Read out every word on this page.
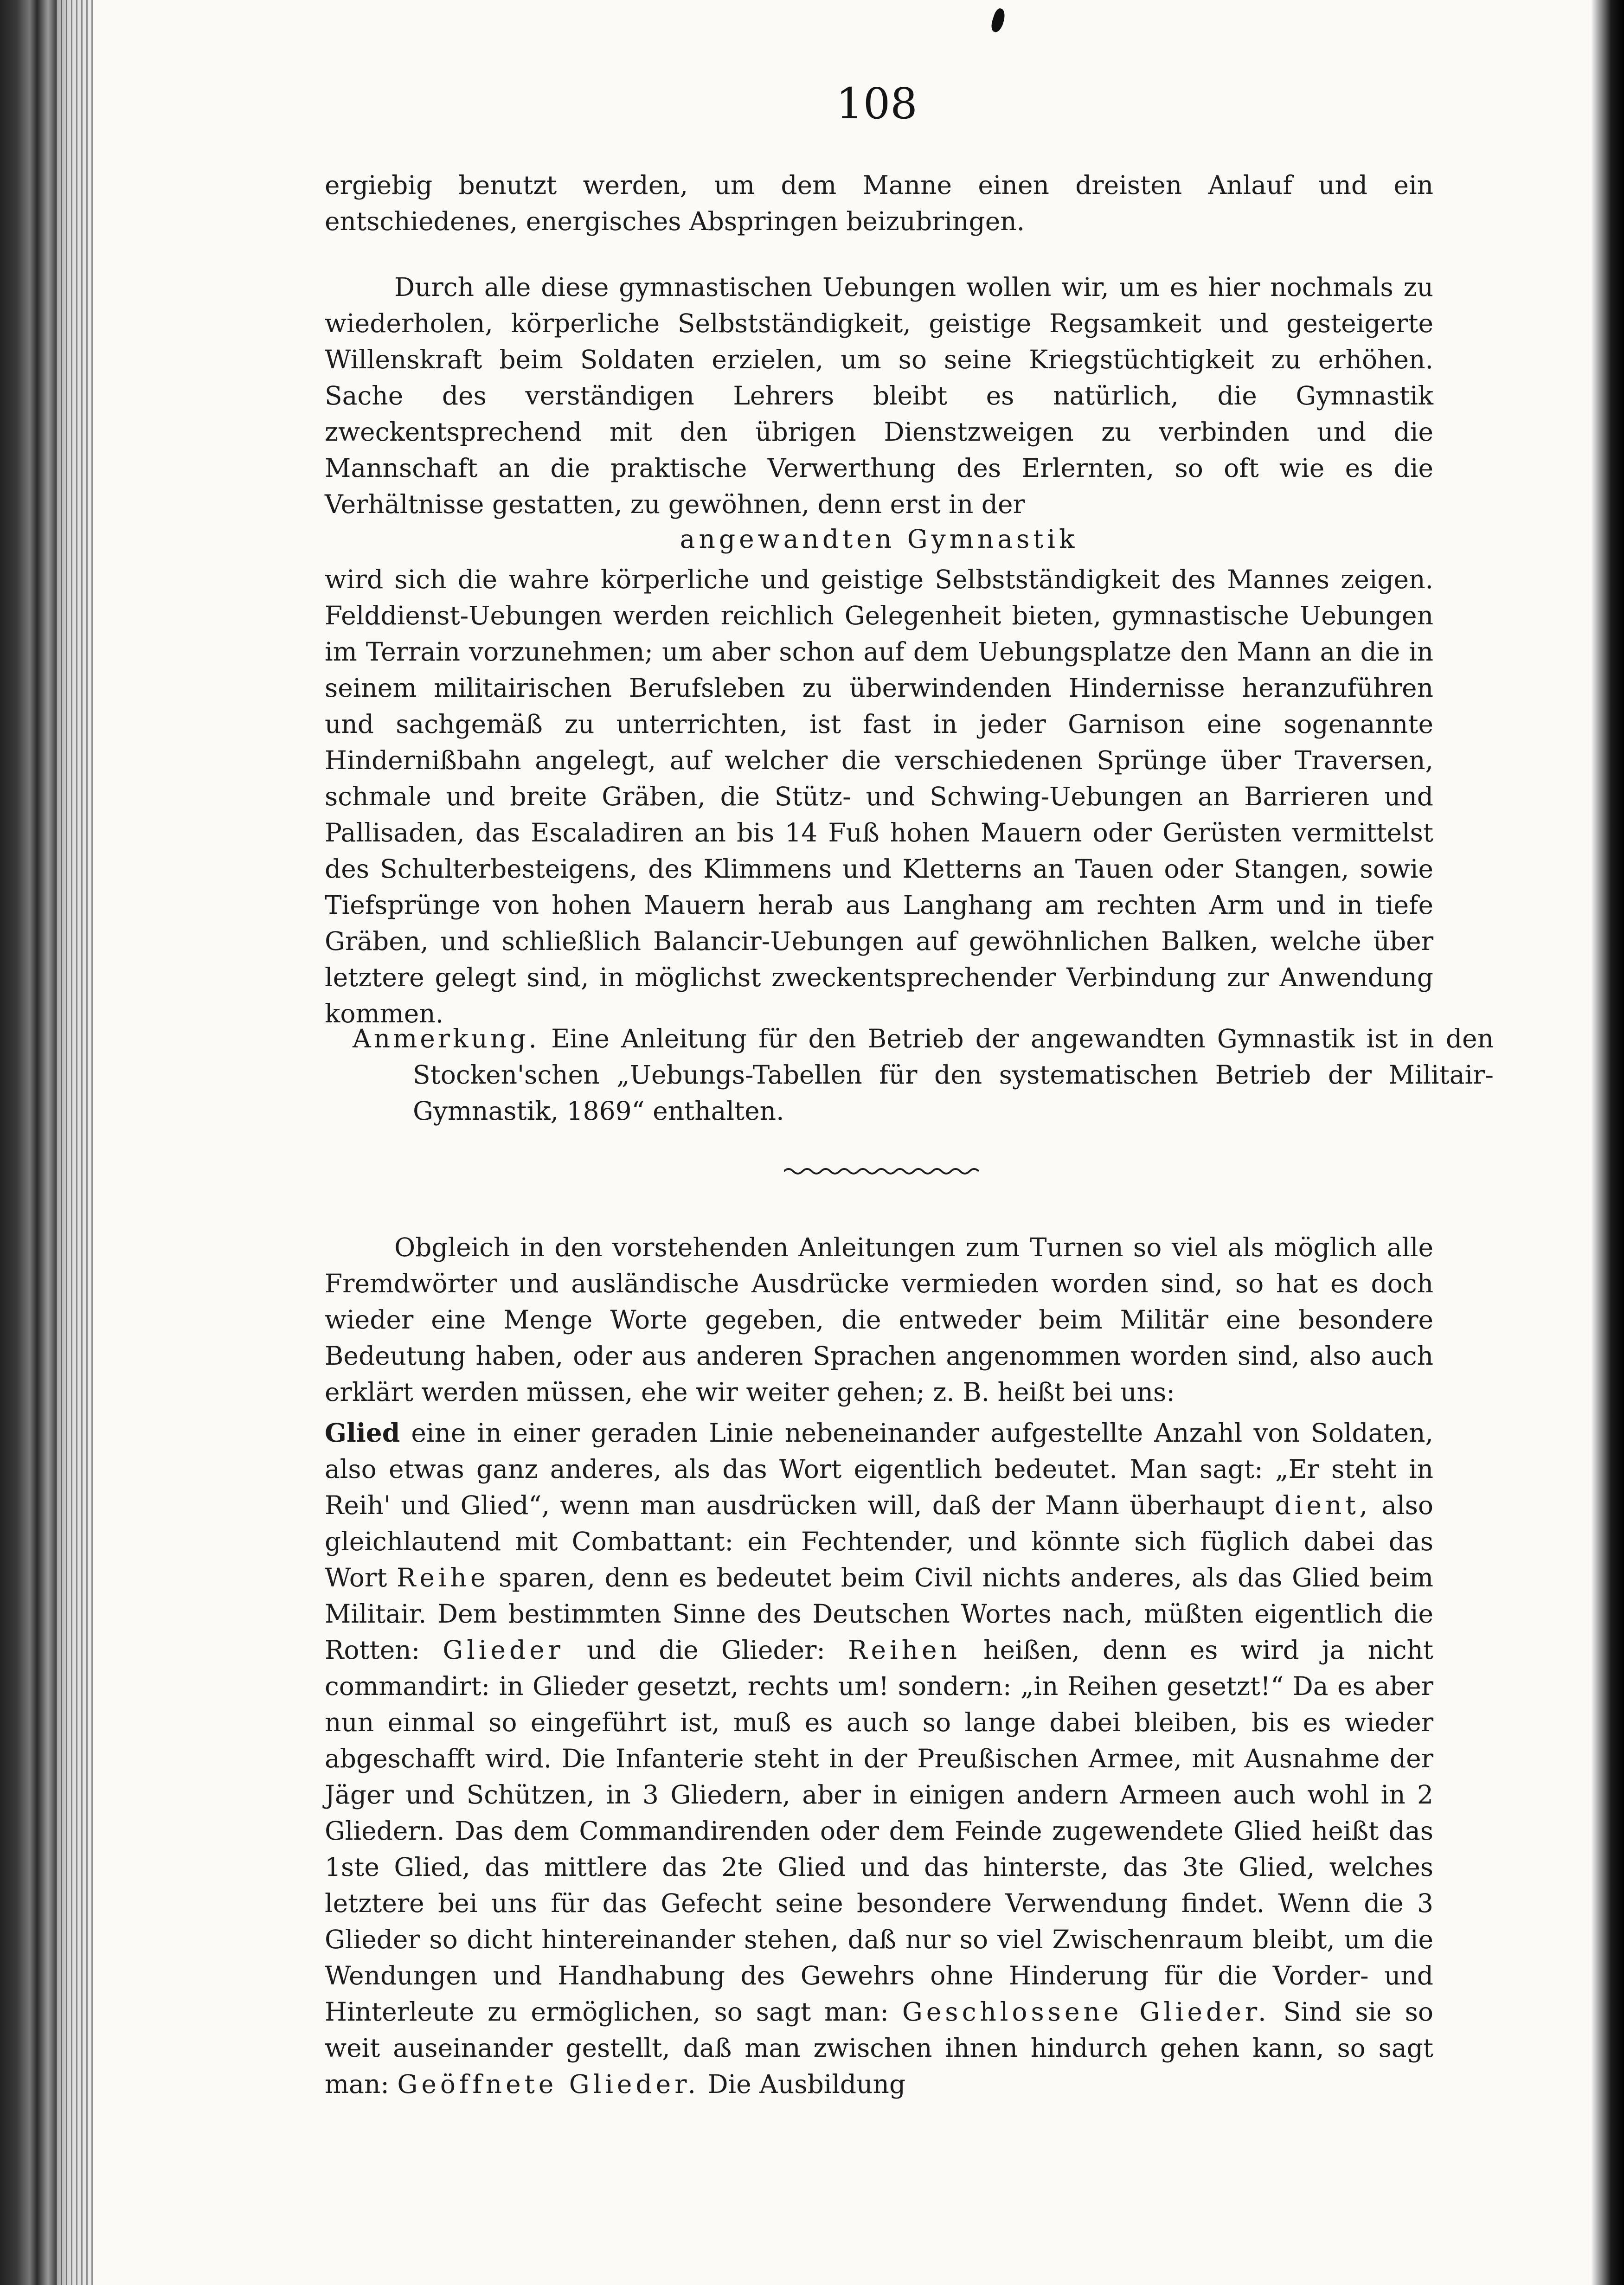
108

ergiebig benutzt werden, um dem Manne einen dreisten Anlauf und ein entschiedenes, energisches Abspringen beizubringen.

Durch alle diese gymnastischen Uebungen wollen wir, um es hier nochmals zu wiederholen, körperliche Selbstständigkeit, geistige Regsamkeit und gesteigerte Willenskraft beim Soldaten erzielen, um so seine Kriegstüchtigkeit zu erhöhen. Sache des verständigen Lehrers bleibt es natürlich, die Gymnastik zweckentsprechend mit den übrigen Dienstzweigen zu verbinden und die Mannschaft an die praktische Verwerthung des Erlernten, so oft wie es die Verhältnisse gestatten, zu gewöhnen, denn erst in der

angewandten Gymnastik

wird sich die wahre körperliche und geistige Selbstständigkeit des Mannes zeigen. Felddienst-Uebungen werden reichlich Gelegenheit bieten, gymnastische Uebungen im Terrain vorzunehmen; um aber schon auf dem Uebungsplatze den Mann an die in seinem militairischen Berufsleben zu überwindenden Hindernisse heranzuführen und sachgemäß zu unterrichten, ist fast in jeder Garnison eine sogenannte Hindernißbahn angelegt, auf welcher die verschiedenen Sprünge über Traversen, schmale und breite Gräben, die Stütz- und Schwing-Uebungen an Barrieren und Pallisaden, das Escaladiren an bis 14 Fuß hohen Mauern oder Gerüsten vermittelst des Schulterbesteigens, des Klimmens und Kletterns an Tauen oder Stangen, sowie Tiefsprünge von hohen Mauern herab aus Langhang am rechten Arm und in tiefe Gräben, und schließlich Balancir-Uebungen auf gewöhnlichen Balken, welche über letztere gelegt sind, in möglichst zweckentsprechender Verbindung zur Anwendung kommen.

Anmerkung. Eine Anleitung für den Betrieb der angewandten Gymnastik ist in den Stocken'schen „Uebungs-Tabellen für den systematischen Betrieb der Militair-Gymnastik, 1869“ enthalten.

Obgleich in den vorstehenden Anleitungen zum Turnen so viel als möglich alle Fremdwörter und ausländische Ausdrücke vermieden worden sind, so hat es doch wieder eine Menge Worte gegeben, die entweder beim Militär eine besondere Bedeutung haben, oder aus anderen Sprachen angenommen worden sind, also auch erklärt werden müssen, ehe wir weiter gehen; z. B. heißt bei uns:

Glied eine in einer geraden Linie nebeneinander aufgestellte Anzahl von Soldaten, also etwas ganz anderes, als das Wort eigentlich bedeutet. Man sagt: „Er steht in Reih' und Glied“, wenn man ausdrücken will, daß der Mann überhaupt dient, also gleichlautend mit Combattant: ein Fechtender, und könnte sich füglich dabei das Wort Reihe sparen, denn es bedeutet beim Civil nichts anderes, als das Glied beim Militair. Dem bestimmten Sinne des Deutschen Wortes nach, müßten eigentlich die Rotten: Glieder und die Glieder: Reihen heißen, denn es wird ja nicht commandirt: in Glieder gesetzt, rechts um! sondern: „in Reihen gesetzt!“ Da es aber nun einmal so eingeführt ist, muß es auch so lange dabei bleiben, bis es wieder abgeschafft wird. Die Infanterie steht in der Preußischen Armee, mit Ausnahme der Jäger und Schützen, in 3 Gliedern, aber in einigen andern Armeen auch wohl in 2 Gliedern. Das dem Commandirenden oder dem Feinde zugewendete Glied heißt das 1ste Glied, das mittlere das 2te Glied und das hinterste, das 3te Glied, welches letztere bei uns für das Gefecht seine besondere Verwendung findet. Wenn die 3 Glieder so dicht hintereinander stehen, daß nur so viel Zwischenraum bleibt, um die Wendungen und Handhabung des Gewehrs ohne Hinderung für die Vorder- und Hinterleute zu ermöglichen, so sagt man: Geschlossene Glieder. Sind sie so weit auseinander gestellt, daß man zwischen ihnen hindurch gehen kann, so sagt man: Geöffnete Glieder. Die Ausbildung
